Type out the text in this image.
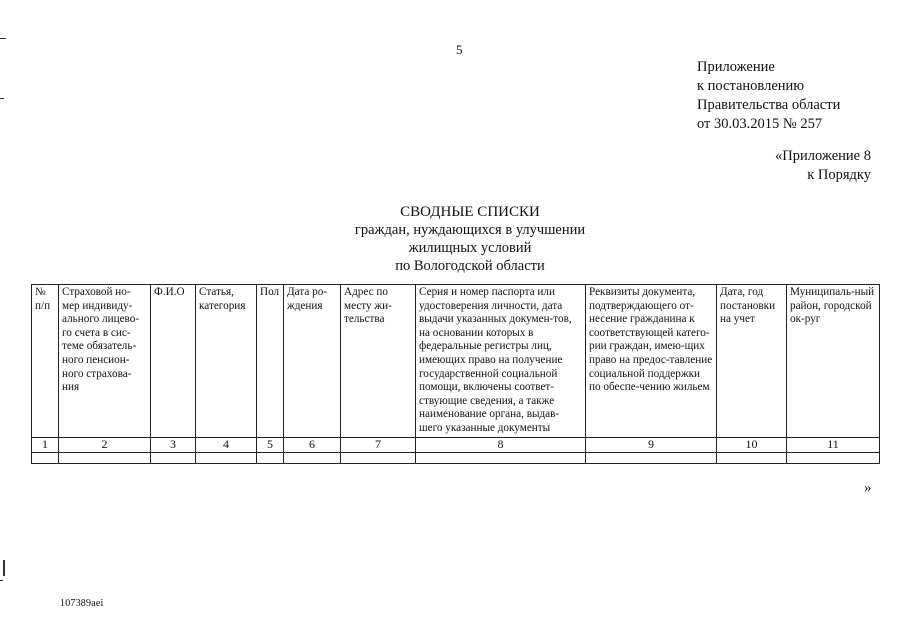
5
Приложение
к постановлению
Правительства области
от 30.03.2015 № 257
«Приложение 8
к Порядку
СВОДНЫЕ СПИСКИ
граждан, нуждающихся в улучшении
жилищных условий
по Вологодской области
№ п/п	Страховой но-мер индивиду-ального лицево-го счета в сис-теме обязатель-ного пенсион-ного страхова-ния	Ф.И.О	Статья, категория	Пол	Дата ро-ждения	Адрес по месту жи-тельства	Серия и номер паспорта или удостоверения личности, дата выдачи указанных докумен-тов, на основании которых в федеральные регистры лиц, имеющих право на получение государственной социальной помощи, включены соответ-ствующие сведения, а также наименование органа, выдав-шего указанные документы	Реквизиты документа, подтверждающего от-несение гражданина к соответствующей катего-рии граждан, имею-щих право на предос-тавление социальной поддержки по обеспе-чению жильем	Дата, год постановки на учет	Муниципаль-ный район, городской ок-руг
1	2	3	4	5	6	7	8	9	10	11

»
107389aei
